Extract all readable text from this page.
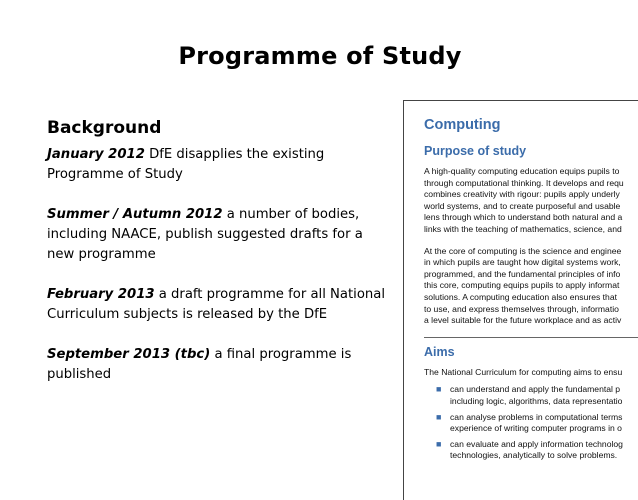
Programme of Study
Background

January 2012 DfE disapplies the existing Programme of Study

Summer / Autumn 2012 a number of bodies, including NAACE, publish suggested drafts for a new programme

February 2013 a draft programme for all National Curriculum subjects is released by the DfE

September 2013 (tbc) a final programme is published

Computing
Purpose of study

A high-quality computing education equips pupils to
through computational thinking. It develops and requ
combines creativity with rigour: pupils apply underly
world systems, and to create purposeful and usable
lens through which to understand both natural and a
links with the teaching of mathematics, science, and

At the core of computing is the science and enginee
in which pupils are taught how digital systems work,
programmed, and the fundamental principles of info
this core, computing equips pupils to apply informat
solutions. A computing education also ensures that
to use, and express themselves through, informatio
a level suitable for the future workplace and as activ

Aims

The National Curriculum for computing aims to ensu

■ can understand and apply the fundamental p
including logic, algorithms, data representatio
■ can analyse problems in computational terms
experience of writing computer programs in o
■ can evaluate and apply information technolog
technologies, analytically to solve problems.
